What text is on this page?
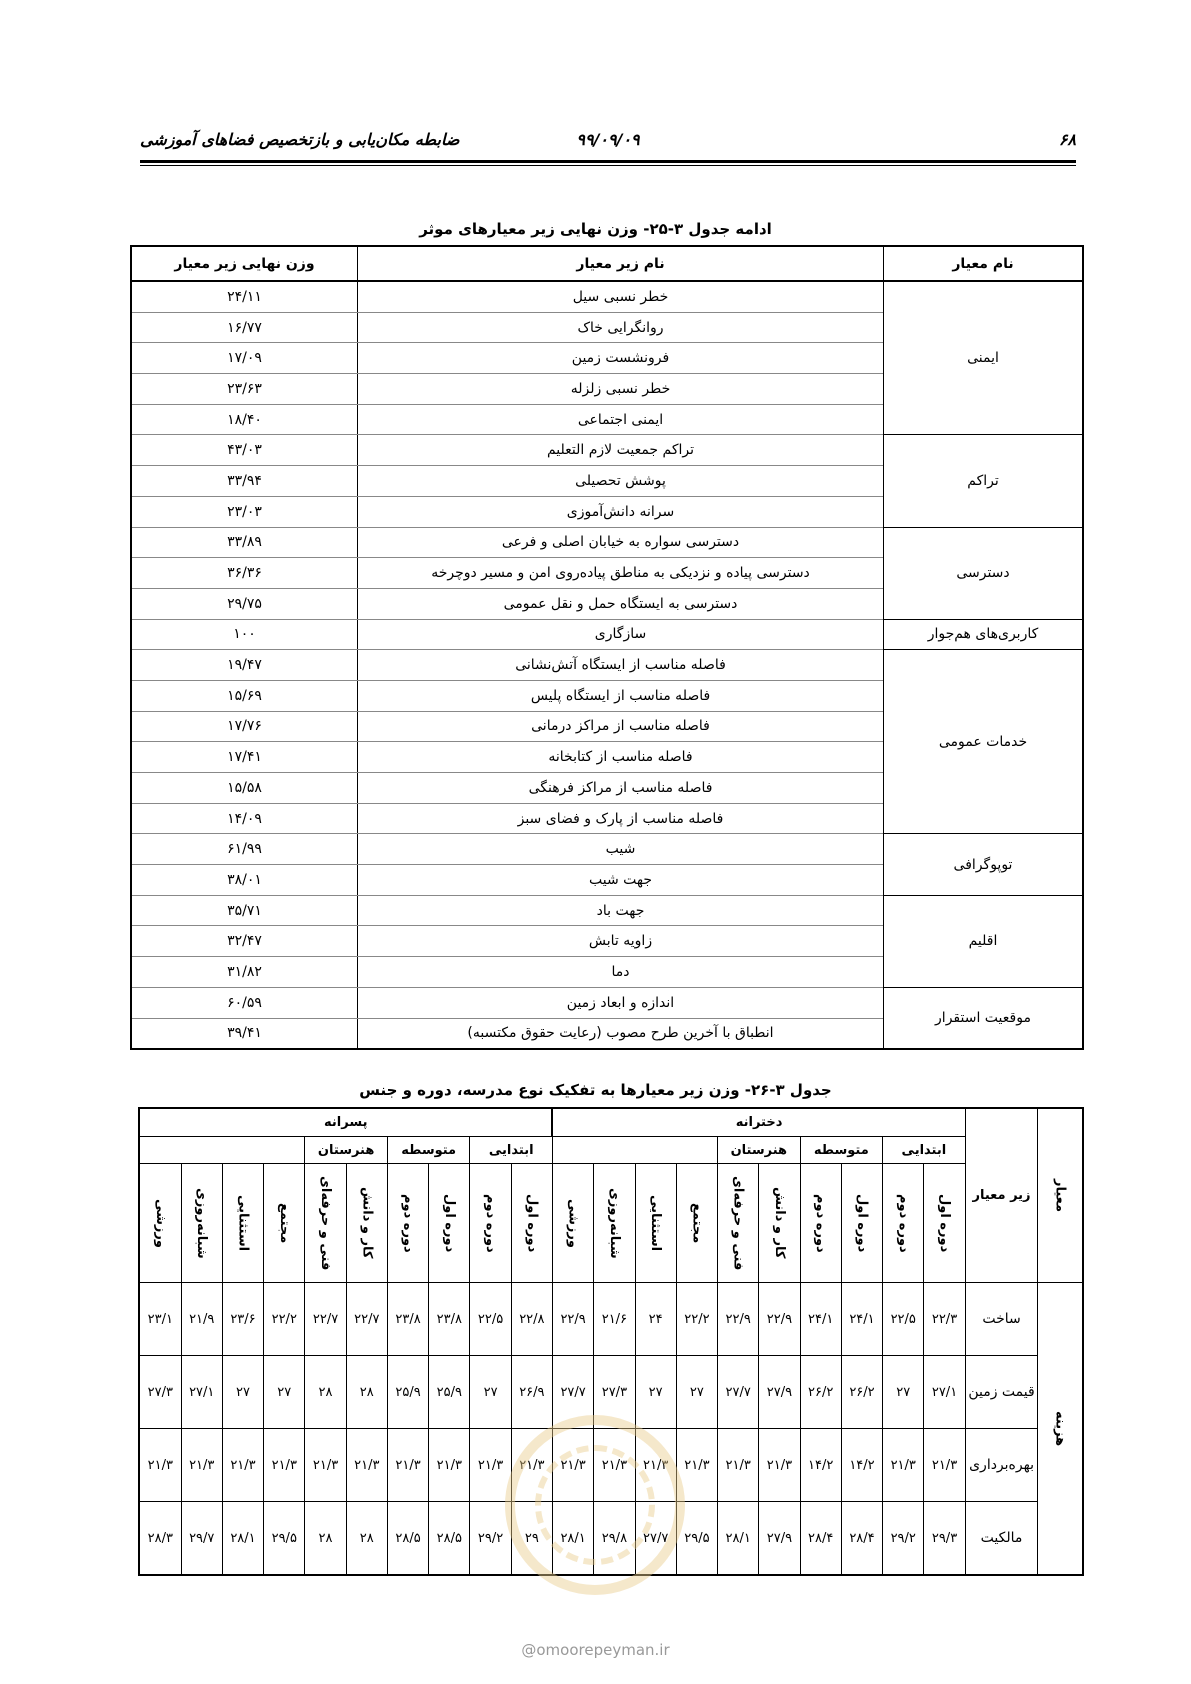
۶۸
۹۹/۰۹/۰۹
ضابطه مکان‌یابی و بازتخصیص فضاهای آموزشی
ادامه جدول ۳-۲۵- وزن نهایی زیر معیارهای موثر
نام معیار	نام زیر معیار	وزن نهایی زیر معیار
ایمنی	خطر نسبی سیل	۲۴/۱۱
	روانگرایی خاک	۱۶/۷۷
	فرونشست زمین	۱۷/۰۹
	خطر نسبی زلزله	۲۳/۶۳
	ایمنی اجتماعی	۱۸/۴۰
تراکم	تراکم جمعیت لازم التعلیم	۴۳/۰۳
	پوشش تحصیلی	۳۳/۹۴
	سرانه دانش‌آموزی	۲۳/۰۳
دسترسی	دسترسی سواره به خیابان اصلی و فرعی	۳۳/۸۹
	دسترسی پیاده و نزدیکی به مناطق پیاده‌روی امن و مسیر دوچرخه	۳۶/۳۶
	دسترسی به ایستگاه حمل و نقل عمومی	۲۹/۷۵
کاربری‌های هم‌جوار	سازگاری	۱۰۰
خدمات عمومی	فاصله مناسب از ایستگاه آتش‌نشانی	۱۹/۴۷
	فاصله مناسب از ایستگاه پلیس	۱۵/۶۹
	فاصله مناسب از مراکز درمانی	۱۷/۷۶
	فاصله مناسب از کتابخانه	۱۷/۴۱
	فاصله مناسب از مراکز فرهنگی	۱۵/۵۸
	فاصله مناسب از پارک و فضای سبز	۱۴/۰۹
توپوگرافی	شیب	۶۱/۹۹
	جهت شیب	۳۸/۰۱
اقلیم	جهت باد	۳۵/۷۱
	زاویه تابش	۳۲/۴۷
	دما	۳۱/۸۲
موقعیت استقرار	اندازه و ابعاد زمین	۶۰/۵۹
	انطباق با آخرین طرح مصوب (رعایت حقوق مکتسبه)	۳۹/۴۱
جدول ۳-۲۶- وزن زیر معیارها به تفکیک نوع مدرسه، دوره و جنس
معیار	زیر معیار	دخترانه										پسرانه									
		ابتدایی		متوسطه		هنرستان						ابتدایی		متوسطه		هنرستان					
		دوره اول	دوره دوم	دوره اول	دوره دوم	کار و دانش	فنی و حرفه‌ای	مجتمع	استثنایی	شبانه‌روزی	ورزشی	دوره اول	دوره دوم	دوره اول	دوره دوم	کار و دانش	فنی و حرفه‌ای	مجتمع	استثنایی	شبانه‌روزی	ورزشی
هزینه	ساخت	۲۲/۳	۲۲/۵	۲۴/۱	۲۴/۱	۲۲/۹	۲۲/۹	۲۲/۲	۲۴	۲۱/۶	۲۲/۹	۲۲/۸	۲۲/۵	۲۳/۸	۲۳/۸	۲۲/۷	۲۲/۷	۲۲/۲	۲۳/۶	۲۱/۹	۲۳/۱
	قیمت زمین	۲۷/۱	۲۷	۲۶/۲	۲۶/۲	۲۷/۹	۲۷/۷	۲۷	۲۷	۲۷/۳	۲۷/۷	۲۶/۹	۲۷	۲۵/۹	۲۵/۹	۲۸	۲۸	۲۷	۲۷	۲۷/۱	۲۷/۳
	بهره‌برداری	۲۱/۳	۲۱/۳	۱۴/۲	۱۴/۲	۲۱/۳	۲۱/۳	۲۱/۳	۲۱/۳	۲۱/۳	۲۱/۳	۲۱/۳	۲۱/۳	۲۱/۳	۲۱/۳	۲۱/۳	۲۱/۳	۲۱/۳	۲۱/۳	۲۱/۳	۲۱/۳
	مالکیت	۲۹/۳	۲۹/۲	۲۸/۴	۲۸/۴	۲۷/۹	۲۸/۱	۲۹/۵	۲۷/۷	۲۹/۸	۲۸/۱	۲۹	۲۹/۲	۲۸/۵	۲۸/۵	۲۸	۲۸	۲۹/۵	۲۸/۱	۲۹/۷	۲۸/۳
@omoorepeyman.ir
